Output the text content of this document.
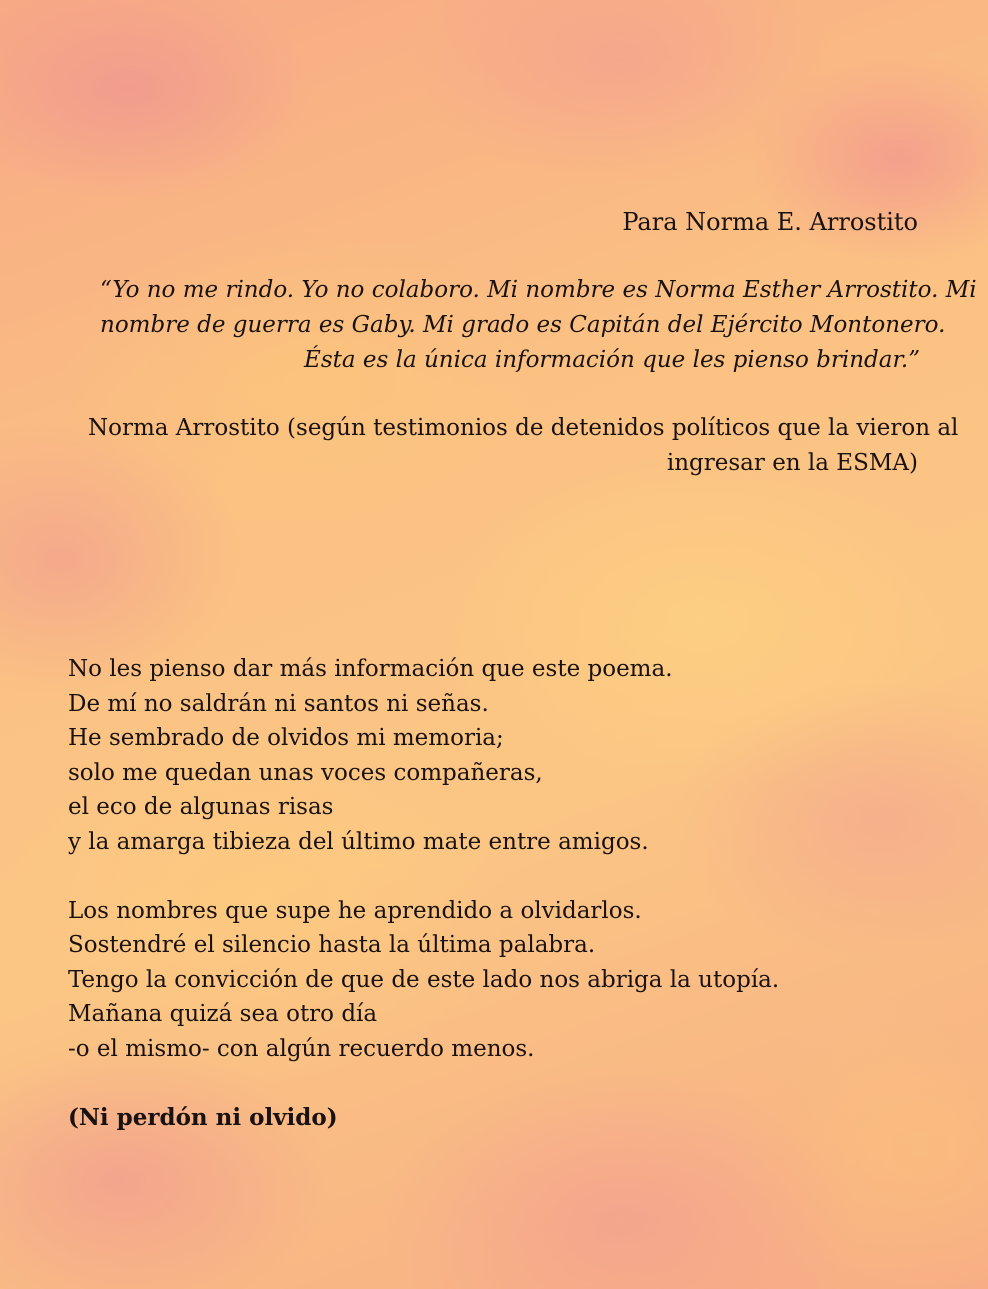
Para Norma E. Arrostito

“Yo no me rindo. Yo no colaboro. Mi nombre es Norma Esther Arrostito. Mi

nombre de guerra es Gaby. Mi grado es Capitán del Ejército Montonero.

Ésta es la única información que les pienso brindar.”

Norma Arrostito (según testimonios de detenidos políticos que la vieron al

ingresar en la ESMA)

No les pienso dar más información que este poema.
De mí no saldrán ni santos ni señas.
He sembrado de olvidos mi memoria;
solo me quedan unas voces compañeras,
el eco de algunas risas
y la amarga tibieza del último mate entre amigos.
Los nombres que supe he aprendido a olvidarlos.
Sostendré el silencio hasta la última palabra.
Tengo la convicción de que de este lado nos abriga la utopía.
Mañana quizá sea otro día
-o el mismo- con algún recuerdo menos.
(Ni perdón ni olvido)
